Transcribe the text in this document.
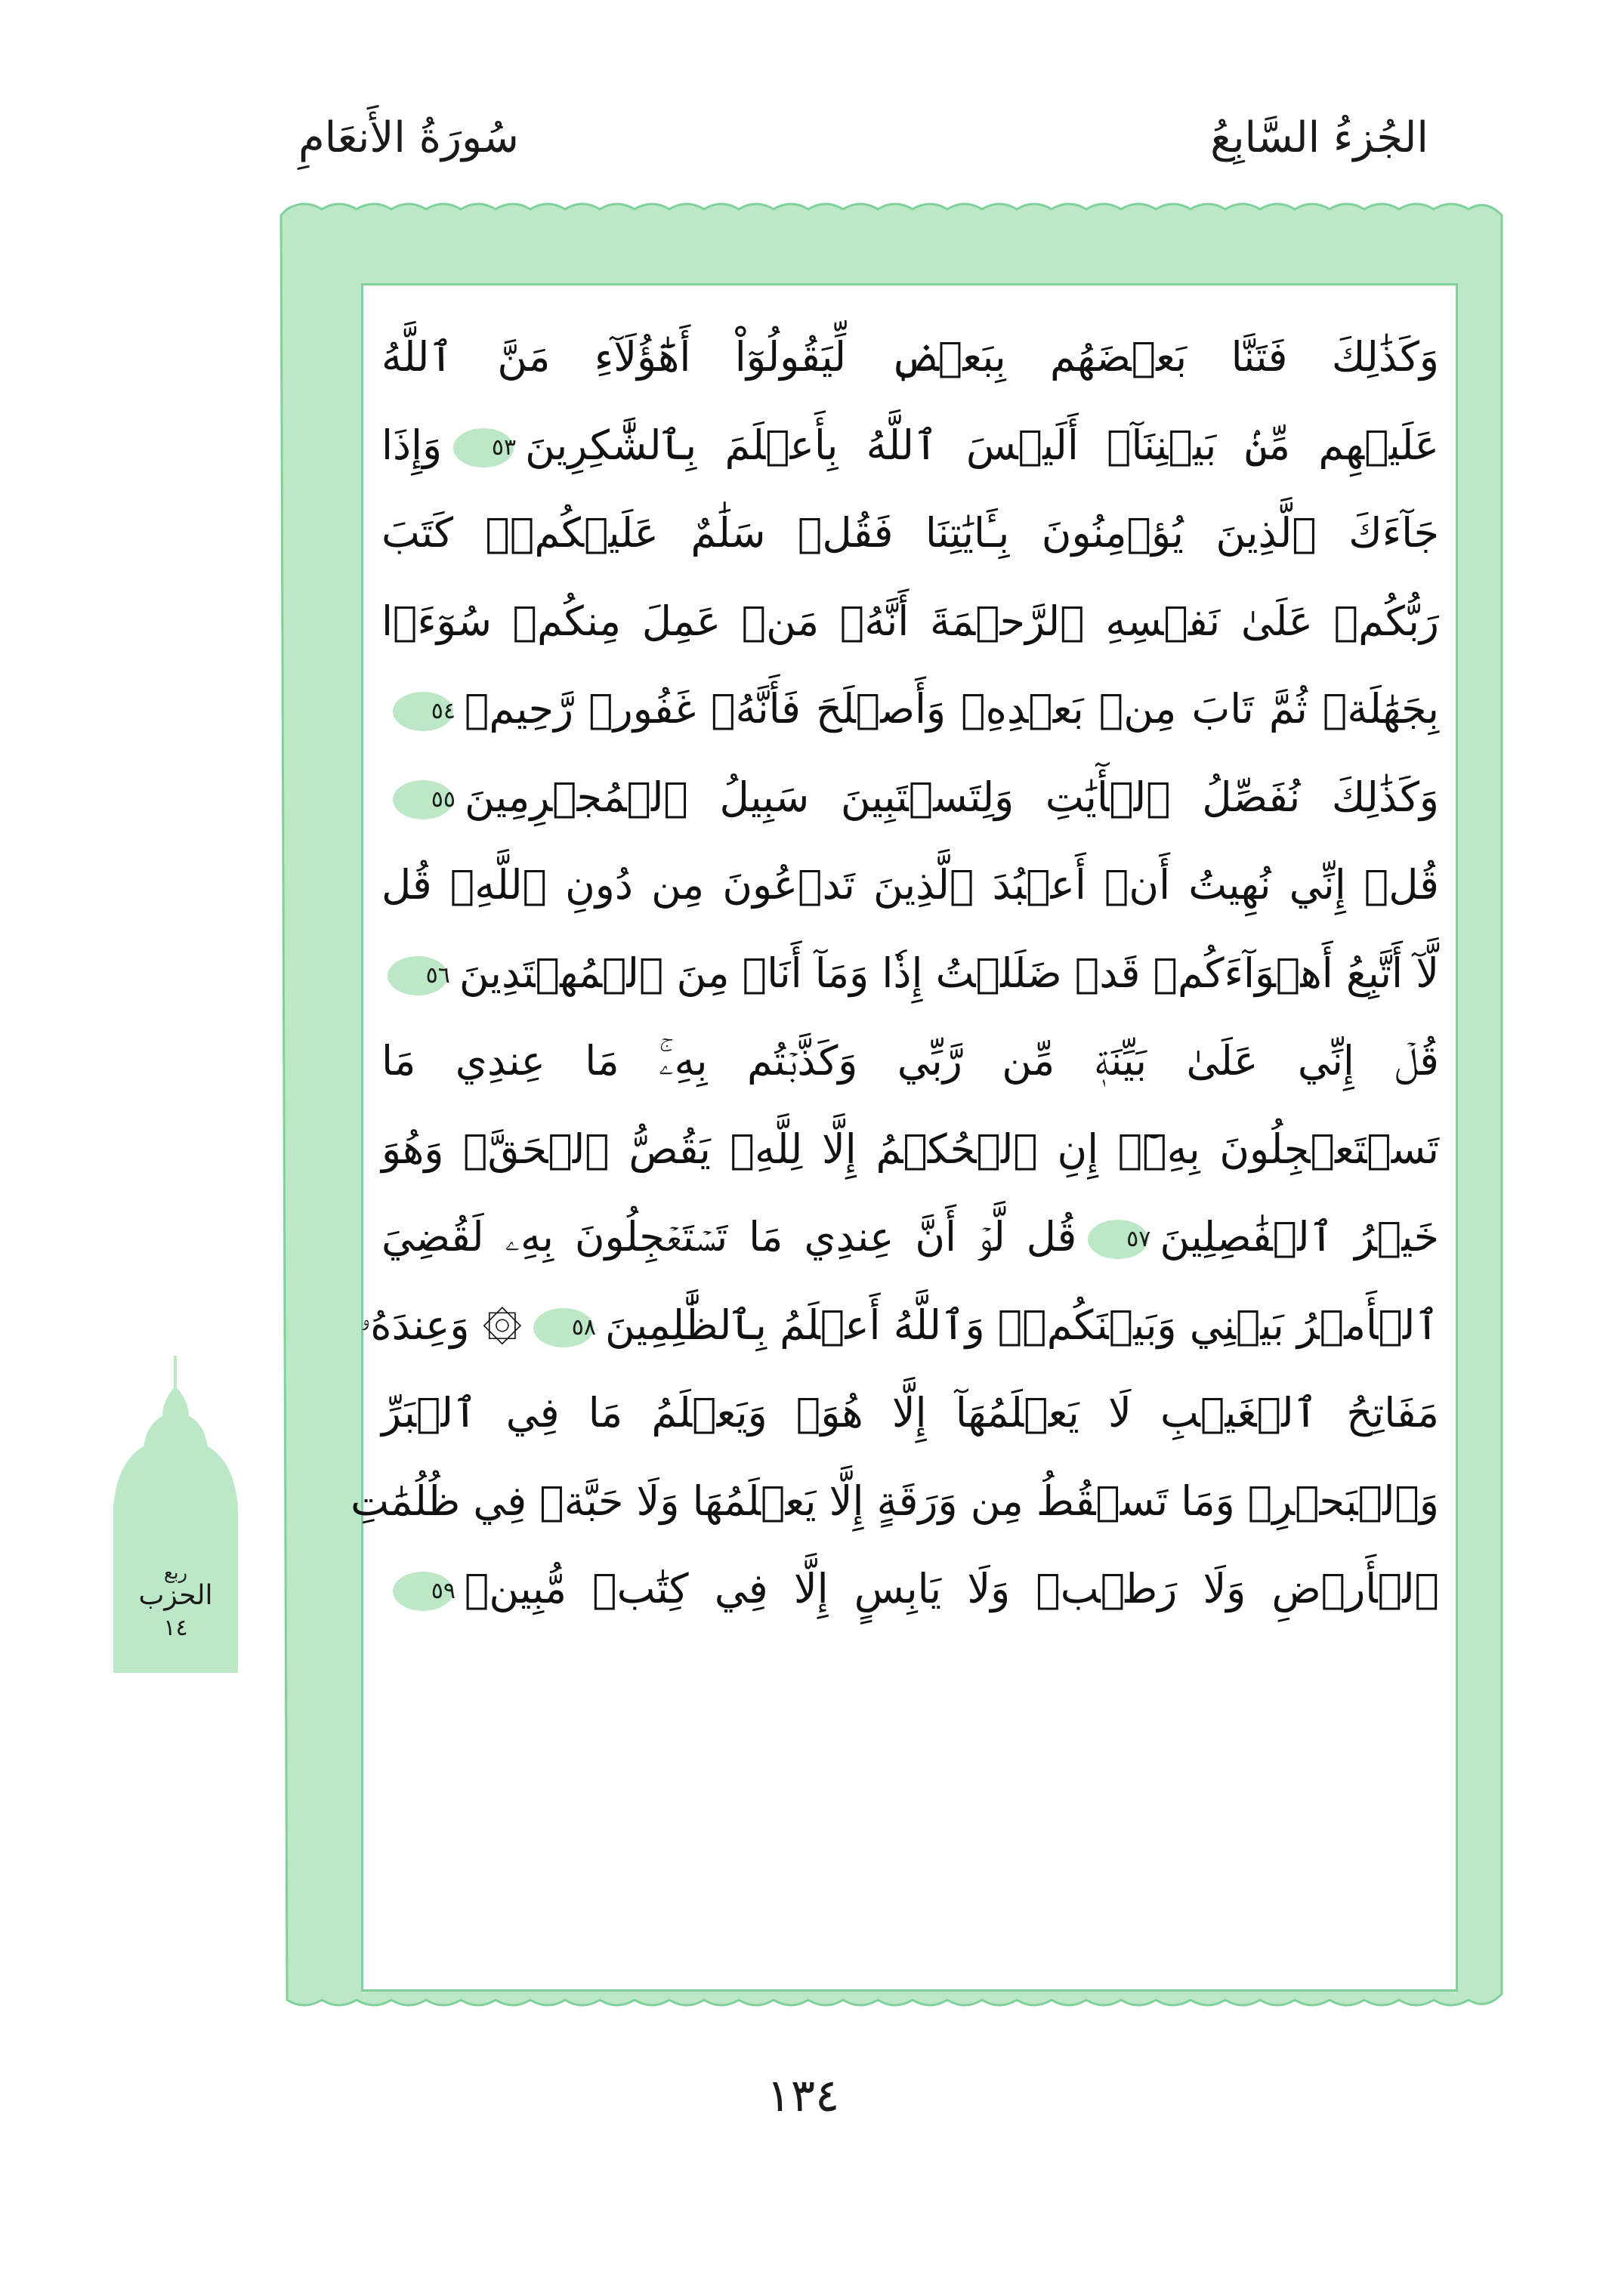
الجُزءُ السَّابِعُ
سُورَةُ الأَنعَامِ
وَكَذَٰلِكَ فَتَنَّا بَعۡضَهُم بِبَعۡضٖ لِّيَقُولُوٓاْ أَهَٰٓؤُلَآءِ مَنَّ ٱللَّهُ
عَلَيۡهِم مِّنۢ بَيۡنِنَآۗ أَلَيۡسَ ٱللَّهُ بِأَعۡلَمَ بِٱلشَّٰكِرِينَ
٥٣
وَإِذَا
جَآءَكَ ٱلَّذِينَ يُؤۡمِنُونَ بِـَٔايَٰتِنَا فَقُلۡ سَلَٰمٌ عَلَيۡكُمۡۖ كَتَبَ
رَبُّكُمۡ عَلَىٰ نَفۡسِهِ ٱلرَّحۡمَةَ أَنَّهُۥ مَنۡ عَمِلَ مِنكُمۡ سُوٓءَۢا
بِجَهَٰلَةٖ ثُمَّ تَابَ مِنۢ بَعۡدِهِۦ وَأَصۡلَحَ فَأَنَّهُۥ غَفُورٞ رَّحِيمٞ
٥٤
وَكَذَٰلِكَ نُفَصِّلُ ٱلۡأٓيَٰتِ وَلِتَسۡتَبِينَ سَبِيلُ ٱلۡمُجۡرِمِينَ
٥٥
قُلۡ إِنِّي نُهِيتُ أَنۡ أَعۡبُدَ ٱلَّذِينَ تَدۡعُونَ مِن دُونِ ٱللَّهِۚ قُل
لَّآ أَتَّبِعُ أَهۡوَآءَكُمۡ قَدۡ ضَلَلۡتُ إِذٗا وَمَآ أَنَا۠ مِنَ ٱلۡمُهۡتَدِينَ
٥٦
قُلۡ إِنِّي عَلَىٰ بَيِّنَةٖ مِّن رَّبِّي وَكَذَّبۡتُم بِهِۦۚ مَا عِندِي مَا
تَسۡتَعۡجِلُونَ بِهِۦٓۚ إِنِ ٱلۡحُكۡمُ إِلَّا لِلَّهِۖ يَقُصُّ ٱلۡحَقَّۖ وَهُوَ
خَيۡرُ ٱلۡفَٰصِلِينَ
٥٧
قُل لَّوۡ أَنَّ عِندِي مَا تَسۡتَعۡجِلُونَ بِهِۦ لَقُضِيَ
ٱلۡأَمۡرُ بَيۡنِي وَبَيۡنَكُمۡۗ وَٱللَّهُ أَعۡلَمُ بِٱلظَّٰلِمِينَ
٥٨
۞ وَعِندَهُۥ
مَفَاتِحُ ٱلۡغَيۡبِ لَا يَعۡلَمُهَآ إِلَّا هُوَۚ وَيَعۡلَمُ مَا فِي ٱلۡبَرِّ
وَٱلۡبَحۡرِۚ وَمَا تَسۡقُطُ مِن وَرَقَةٍ إِلَّا يَعۡلَمُهَا وَلَا حَبَّةٖ فِي ظُلُمَٰتِ
ٱلۡأَرۡضِ وَلَا رَطۡبٖ وَلَا يَابِسٍ إِلَّا فِي كِتَٰبٖ مُّبِينٖ
٥٩
ربع
الحزب
١٤
١٣٤
